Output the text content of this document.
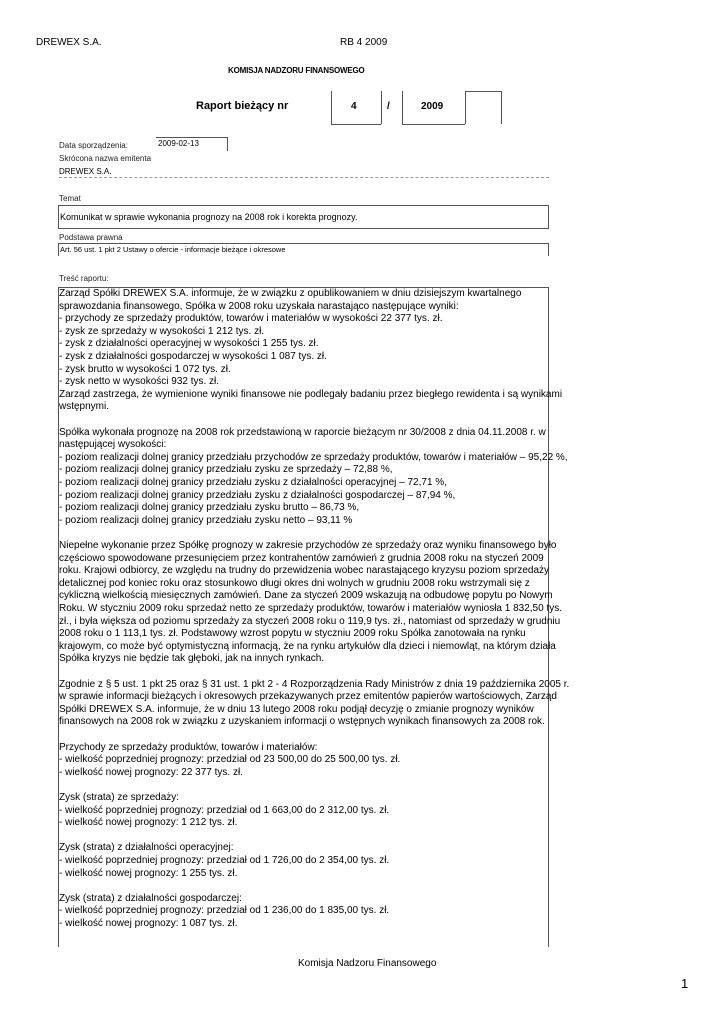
DREWEX S.A.	RB 4 2009
KOMISJA NADZORU FINANSOWEGO
Raport bieżący nr	4	/	2009
Data sporządzenia:	2009-02-13
Skrócona nazwa emitenta
DREWEX S.A.
Temat
Komunikat w sprawie wykonania prognozy na 2008 rok i korekta prognozy.
Podstawa prawna
Art. 56 ust. 1 pkt 2 Ustawy o ofercie - informacje bieżące i okresowe
Treść raportu:
Zarząd Spółki DREWEX S.A. informuje, że w związku z opublikowaniem w dniu dzisiejszym kwartalnego
sprawozdania finansowego, Spółka w 2008 roku uzyskała narastająco następujące wyniki:
- przychody ze sprzedaży produktów, towarów i materiałów w wysokości 22 377 tys. zł.
- zysk ze sprzedaży w wysokości 1 212 tys. zł.
- zysk z działalności operacyjnej w wysokości 1 255 tys. zł.
- zysk z działalności gospodarczej w wysokości 1 087 tys. zł.
- zysk brutto w wysokości 1 072 tys. zł.
- zysk netto w wysokości 932 tys. zł.
Zarząd zastrzega, że wymienione wyniki finansowe nie podlegały badaniu przez biegłego rewidenta i są wynikami
wstępnymi.
Spółka wykonała prognozę na 2008 rok przedstawioną w raporcie bieżącym nr 30/2008 z dnia 04.11.2008 r. w
następującej wysokości:
- poziom realizacji dolnej granicy przedziału przychodów ze sprzedaży produktów, towarów i materiałów – 95,22 %,
- poziom realizacji dolnej granicy przedziału zysku ze sprzedaży – 72,88 %,
- poziom realizacji dolnej granicy przedziału zysku z działalności operacyjnej – 72,71 %,
- poziom realizacji dolnej granicy przedziału zysku z działalności gospodarczej – 87,94 %,
- poziom realizacji dolnej granicy przedziału zysku brutto – 86,73 %,
- poziom realizacji dolnej granicy przedziału zysku netto – 93,11 %
Niepełne wykonanie przez Spółkę prognozy w zakresie przychodów ze sprzedaży oraz wyniku finansowego było
częściowo spowodowane przesunięciem przez kontrahentów zamówień z grudnia 2008 roku na styczeń 2009
roku. Krajowi odbiorcy, ze względu na trudny do przewidzenia wobec narastającego kryzysu poziom sprzedaży
detalicznej pod koniec roku oraz stosunkowo długi okres dni wolnych w grudniu 2008 roku wstrzymali się z
cykliczną wielkością miesięcznych zamówień. Dane za styczeń 2009 wskazują na odbudowę popytu po Nowym
Roku. W styczniu 2009 roku sprzedaż netto ze sprzedaży produktów, towarów i materiałów wyniosła 1 832,50 tys.
zł., i była większa od poziomu sprzedaży za styczeń 2008 roku o 119,9 tys. zł., natomiast od sprzedaży w grudniu
2008 roku o 1 113,1 tys. zł. Podstawowy wzrost popytu w styczniu 2009 roku Spółka zanotowała na rynku
krajowym, co może być optymistyczną informacją, że na rynku artykułów dla dzieci i niemowląt, na którym działa
Spółka kryzys nie będzie tak głęboki, jak na innych rynkach.
Zgodnie z § 5 ust. 1 pkt 25 oraz § 31 ust. 1 pkt 2 - 4 Rozporządzenia Rady Ministrów z dnia 19 października 2005 r.
w sprawie informacji bieżących i okresowych przekazywanych przez emitentów papierów wartościowych, Zarząd
Spółki DREWEX S.A. informuje, że w dniu 13 lutego 2008 roku podjął decyzję o zmianie prognozy wyników
finansowych na 2008 rok w związku z uzyskaniem informacji o wstępnych wynikach finansowych za 2008 rok.
Przychody ze sprzedaży produktów, towarów i materiałów:
- wielkość poprzedniej prognozy: przedział od 23 500,00 do 25 500,00 tys. zł.
- wielkość nowej prognozy: 22 377 tys. zł.
Zysk (strata) ze sprzedaży:
- wielkość poprzedniej prognozy: przedział od 1 663,00 do 2 312,00 tys. zł.
- wielkość nowej prognozy: 1 212 tys. zł.
Zysk (strata) z działalności operacyjnej:
- wielkość poprzedniej prognozy: przedział od 1 726,00 do 2 354,00 tys. zł.
- wielkość nowej prognozy: 1 255 tys. zł.
Zysk (strata) z działalności gospodarczej:
- wielkość poprzedniej prognozy: przedział od 1 236,00 do 1 835,00 tys. zł.
- wielkość nowej prognozy: 1 087 tys. zł.
Komisja Nadzoru Finansowego
1
